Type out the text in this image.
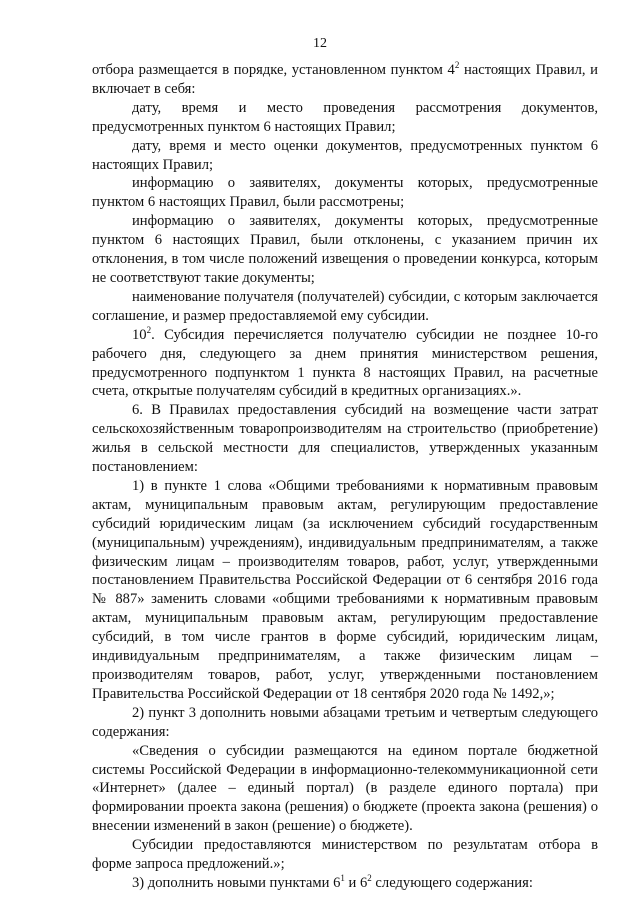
12

отбора размещается в порядке, установленном пунктом $4^2$ настоящих Правил, и включает в себя:

дату, время и место проведения рассмотрения документов, предусмотренных пунктом 6 настоящих Правил;

дату, время и место оценки документов, предусмотренных пунктом 6 настоящих Правил;

информацию о заявителях, документы которых, предусмотренные пунктом 6 настоящих Правил, были рассмотрены;

информацию о заявителях, документы которых, предусмотренные пунктом 6 настоящих Правил, были отклонены, с указанием причин их отклонения, в том числе положений извещения о проведении конкурса, которым не соответствуют такие документы;

наименование получателя (получателей) субсидии, с которым заключается соглашение, и размер предоставляемой ему субсидии.

$10^2$. Субсидия перечисляется получателю субсидии не позднее 10-го рабочего дня, следующего за днем принятия министерством решения, предусмотренного подпунктом 1 пункта 8 настоящих Правил, на расчетные счета, открытые получателям субсидий в кредитных организациях.».

6. В Правилах предоставления субсидий на возмещение части затрат сельскохозяйственным товаропроизводителям на строительство (приобретение) жилья в сельской местности для специалистов, утвержденных указанным постановлением:

1) в пункте 1 слова «Общими требованиями к нормативным правовым актам, муниципальным правовым актам, регулирующим предоставление субсидий юридическим лицам (за исключением субсидий государственным (муниципальным) учреждениям), индивидуальным предпринимателям, а также физическим лицам – производителям товаров, работ, услуг, утвержденными постановлением Правительства Российской Федерации от 6 сентября 2016 года № 887» заменить словами «общими требованиями к нормативным правовым актам, муниципальным правовым актам, регулирующим предоставление субсидий, в том числе грантов в форме субсидий, юридическим лицам, индивидуальным предпринимателям, а также физическим лицам – производителям товаров, работ, услуг, утвержденными постановлением Правительства Российской Федерации от 18 сентября 2020 года № 1492,»;

2) пункт 3 дополнить новыми абзацами третьим и четвертым следующего содержания:

«Сведения о субсидии размещаются на едином портале бюджетной системы Российской Федерации в информационно-телекоммуникационной сети «Интернет» (далее – единый портал) (в разделе единого портала) при формировании проекта закона (решения) о бюджете (проекта закона (решения) о внесении изменений в закон (решение) о бюджете).

Субсидии предоставляются министерством по результатам отбора в форме запроса предложений.»;

3) дополнить новыми пунктами $6^1$ и $6^2$ следующего содержания:
